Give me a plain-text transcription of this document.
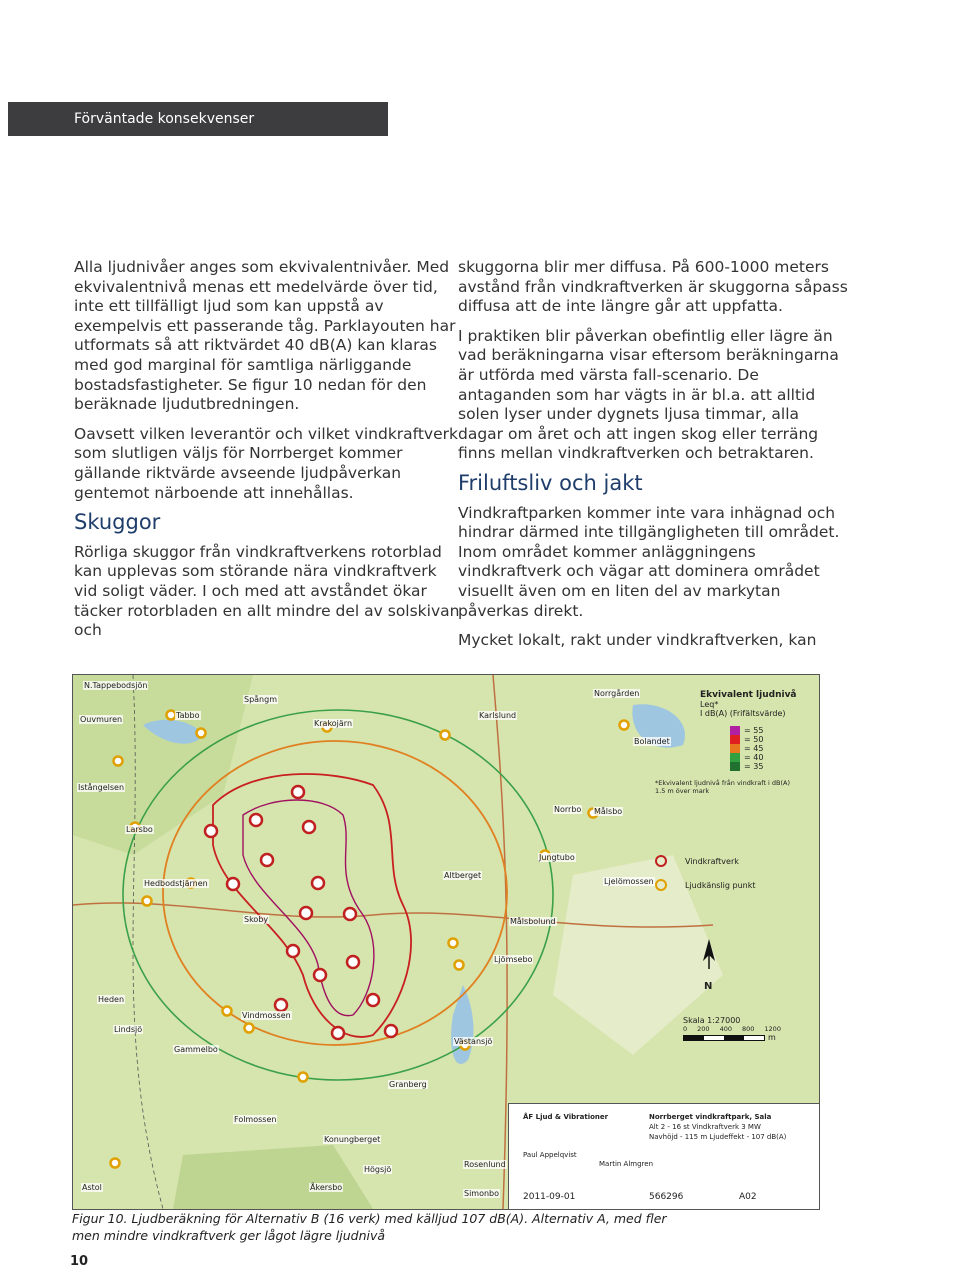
Förväntade konsekvenser

Alla ljudnivåer anges som ekvivalentnivåer. Med ekvivalentnivå menas ett medelvärde över tid, inte ett tillfälligt ljud som kan uppstå av exempelvis ett passerande tåg. Parklayouten har utformats så att riktvärdet 40 dB(A) kan klaras med god marginal för samtliga närliggande bostadsfastigheter. Se figur 10 nedan för den beräknade ljudutbredningen.

Oavsett vilken leverantör och vilket vindkraftverk som slutligen väljs för Norrberget kommer gällande riktvärde avseende ljudpåverkan gentemot närboende att innehållas.

Skuggor

Rörliga skuggor från vindkraftverkens rotorblad kan upplevas som störande nära vindkraftverk vid soligt väder. I och med att avståndet ökar täcker rotorbladen en allt mindre del av solskivan och

skuggorna blir mer diffusa. På 600-1000 meters avstånd från vindkraftverken är skuggorna såpass diffusa att de inte längre går att uppfatta.

I praktiken blir påverkan obefintlig eller lägre än vad beräkningarna visar eftersom beräkningarna är utförda med värsta fall-scenario. De antaganden som har vägts in är bl.a. att alltid solen lyser under dygnets ljusa timmar, alla dagar om året och att ingen skog eller terräng finns mellan vindkraftverken och betraktaren.

Friluftsliv och jakt

Vindkraftparken kommer inte vara inhägnad och hindrar därmed inte tillgängligheten till området. Inom området kommer anläggningens vindkraftverk och vägar att dominera området visuellt även om en liten del av markytan påverkas direkt.

Mycket lokalt, rakt under vindkraftverken, kan

N.Tappebodsjön
Ouvmuren	Tabbo
Spångm
Krakojärn
Istångelsen
Larsbo
Hedbodstjärnen
Skoby
Heden
Lindsjö
Vindmossen
Gammelbo
Karlslund
Norrgården
Bolandet
Norrbo Målsbo
Jungtubo
Ljelömossen
Altberget
Målsbolund
Ljömsebo
Västansjö
Granberg
Folmossen
Konungberget
Högsjö
Rosenlund
Åkersbo
Simonbo
Astol
ÅF Ljud & Vibrationer
Paul Appelqvist
Norrberget vindkraftpark, Sala
Alt 2 - 16 st Vindkraftverk 3 MW
Navhöjd - 115 m Ljudeffekt - 107 dB(A)
Martin Almgren
2011-09-01	566296	A02
Ekvivalent ljudnivå
Leq*
I dB(A) (Frifältsvärde)
= 55
= 50
= 45
= 40
= 35
*Ekvivalent ljudnivå från vindkraft i dB(A)
1.5 m över mark
Vindkraftverk
Ljudkänslig punkt
N
Skala 1:27000
0 200 400 800 1200
m
Figur 10. Ljudberäkning för Alternativ B (16 verk) med källjud 107 dB(A). Alternativ A, med fler men mindre vindkraftverk ger lågot lägre ljudnivå
10
